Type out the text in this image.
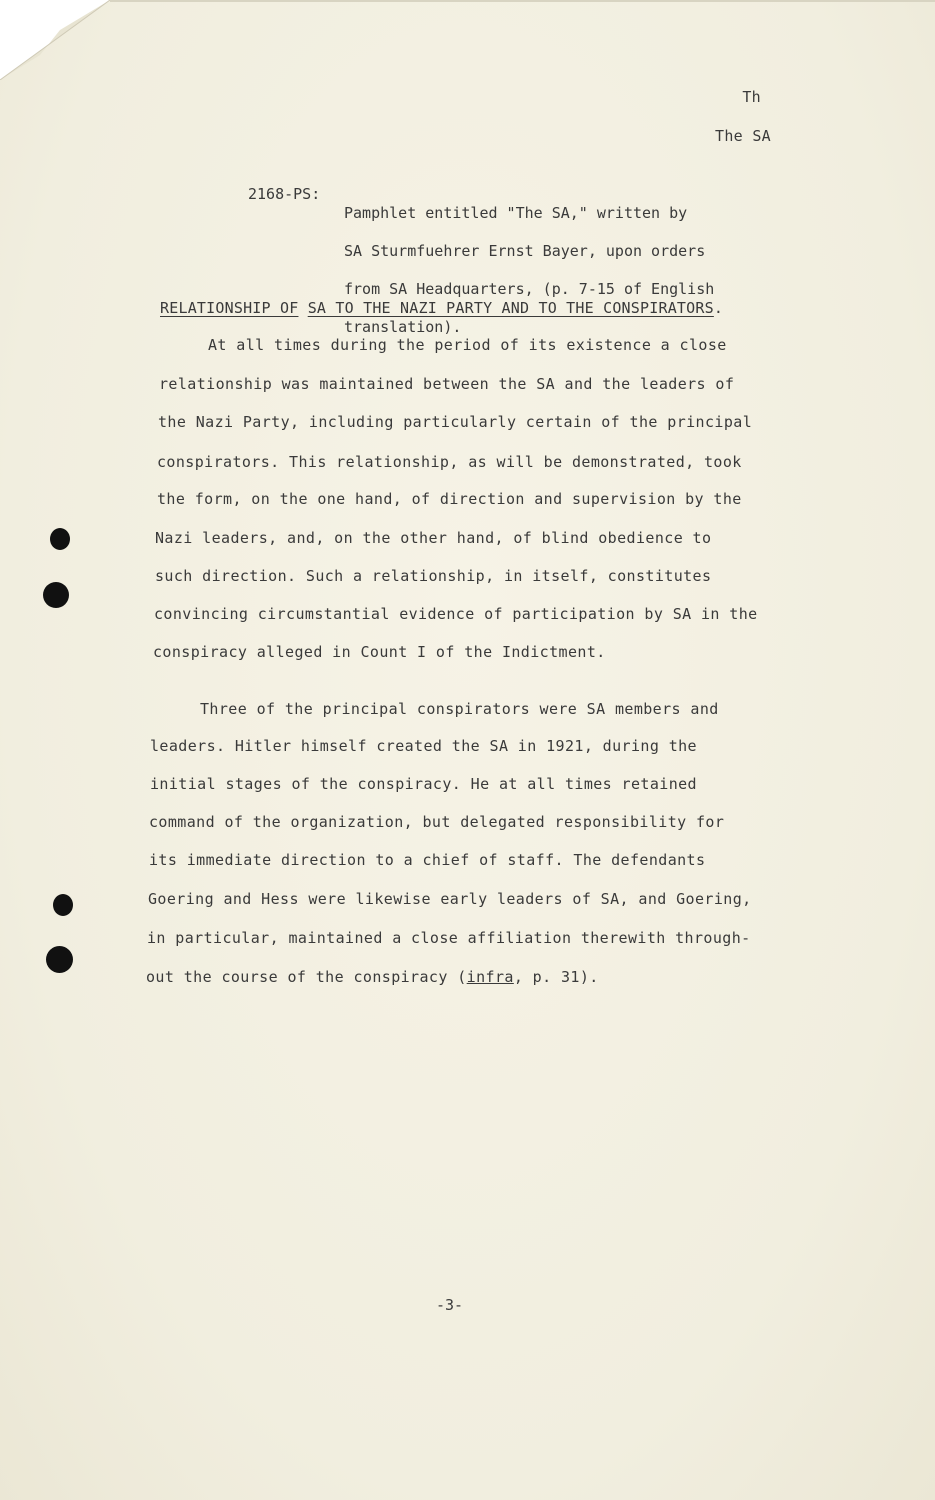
Th
The SA
2168-PS:

Pamphlet entitled "The SA," written by

SA Sturmfuehrer Ernst Bayer, upon orders

from SA Headquarters, (p. 7-15 of English

translation).

RELATIONSHIP OF SA TO THE NAZI PARTY AND TO THE CONSPIRATORS.
At all times during the period of its existence a close
relationship was maintained between the SA and the leaders of
the Nazi Party, including particularly certain of the principal
conspirators. This relationship, as will be demonstrated, took
the form, on the one hand, of direction and supervision by the
Nazi leaders, and, on the other hand, of blind obedience to
such direction. Such a relationship, in itself, constitutes
convincing circumstantial evidence of participation by SA in the
conspiracy alleged in Count I of the Indictment.
Three of the principal conspirators were SA members and
leaders. Hitler himself created the SA in 1921, during the
initial stages of the conspiracy. He at all times retained
command of the organization, but delegated responsibility for
its immediate direction to a chief of staff. The defendants
Goering and Hess were likewise early leaders of SA, and Goering,
in particular, maintained a close affiliation therewith through-
out the course of the conspiracy (infra, p. 31).
-3-
